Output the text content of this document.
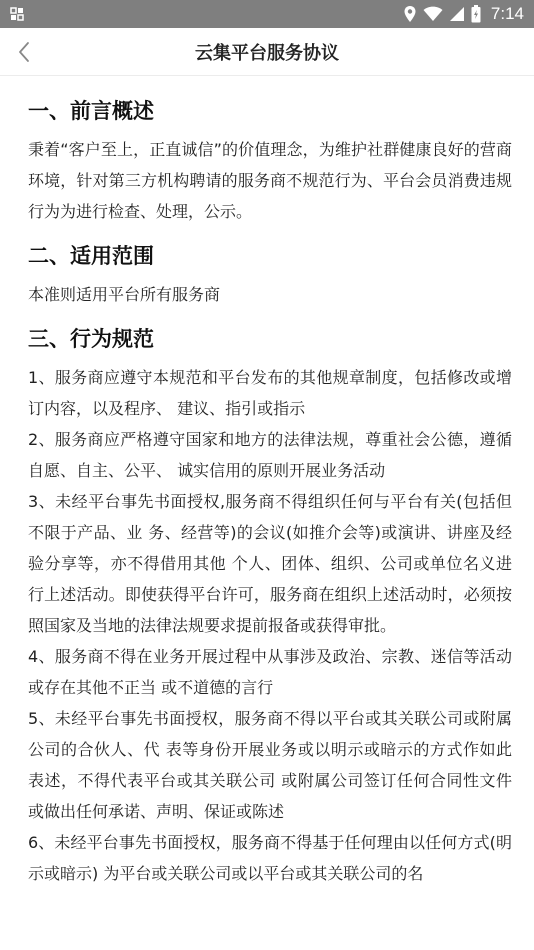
7:14
云集平台服务协议
一、前言概述

秉着“客户至上，正直诚信”的价值理念，为维护社群健康良好的营商环境，针对第三方机构聘请的服务商不规范行为、平台会员消费违规行为为进行检查、处理，公示。

二、适用范围

本准则适用平台所有服务商

三、行为规范

1、服务商应遵守本规范和平台发布的其他规章制度，包括修改或增订内容，以及程序、 建议、指引或指示

2、服务商应严格遵守国家和地方的法律法规，尊重社会公德，遵循自愿、自主、公平、 诚实信用的原则开展业务活动

3、未经平台事先书面授权,服务商不得组织任何与平台有关(包括但不限于产品、业 务、经营等)的会议(如推介会等)或演讲、讲座及经验分享等，亦不得借用其他 个人、团体、组织、公司或单位名义进行上述活动。即使获得平台许可，服务商在组织上述活动时，必须按照国家及当地的法律法规要求提前报备或获得审批。

4、服务商不得在业务开展过程中从事涉及政治、宗教、迷信等活动或存在其他不正当 或不道德的言行

5、未经平台事先书面授权，服务商不得以平台或其关联公司或附属公司的合伙人、代 表等身份开展业务或以明示或暗示的方式作如此表述，不得代表平台或其关联公司 或附属公司签订任何合同性文件或做出任何承诺、声明、保证或陈述

6、未经平台事先书面授权，服务商不得基于任何理由以任何方式(明示或暗示) 为平台或关联公司或以平台或其关联公司的名
